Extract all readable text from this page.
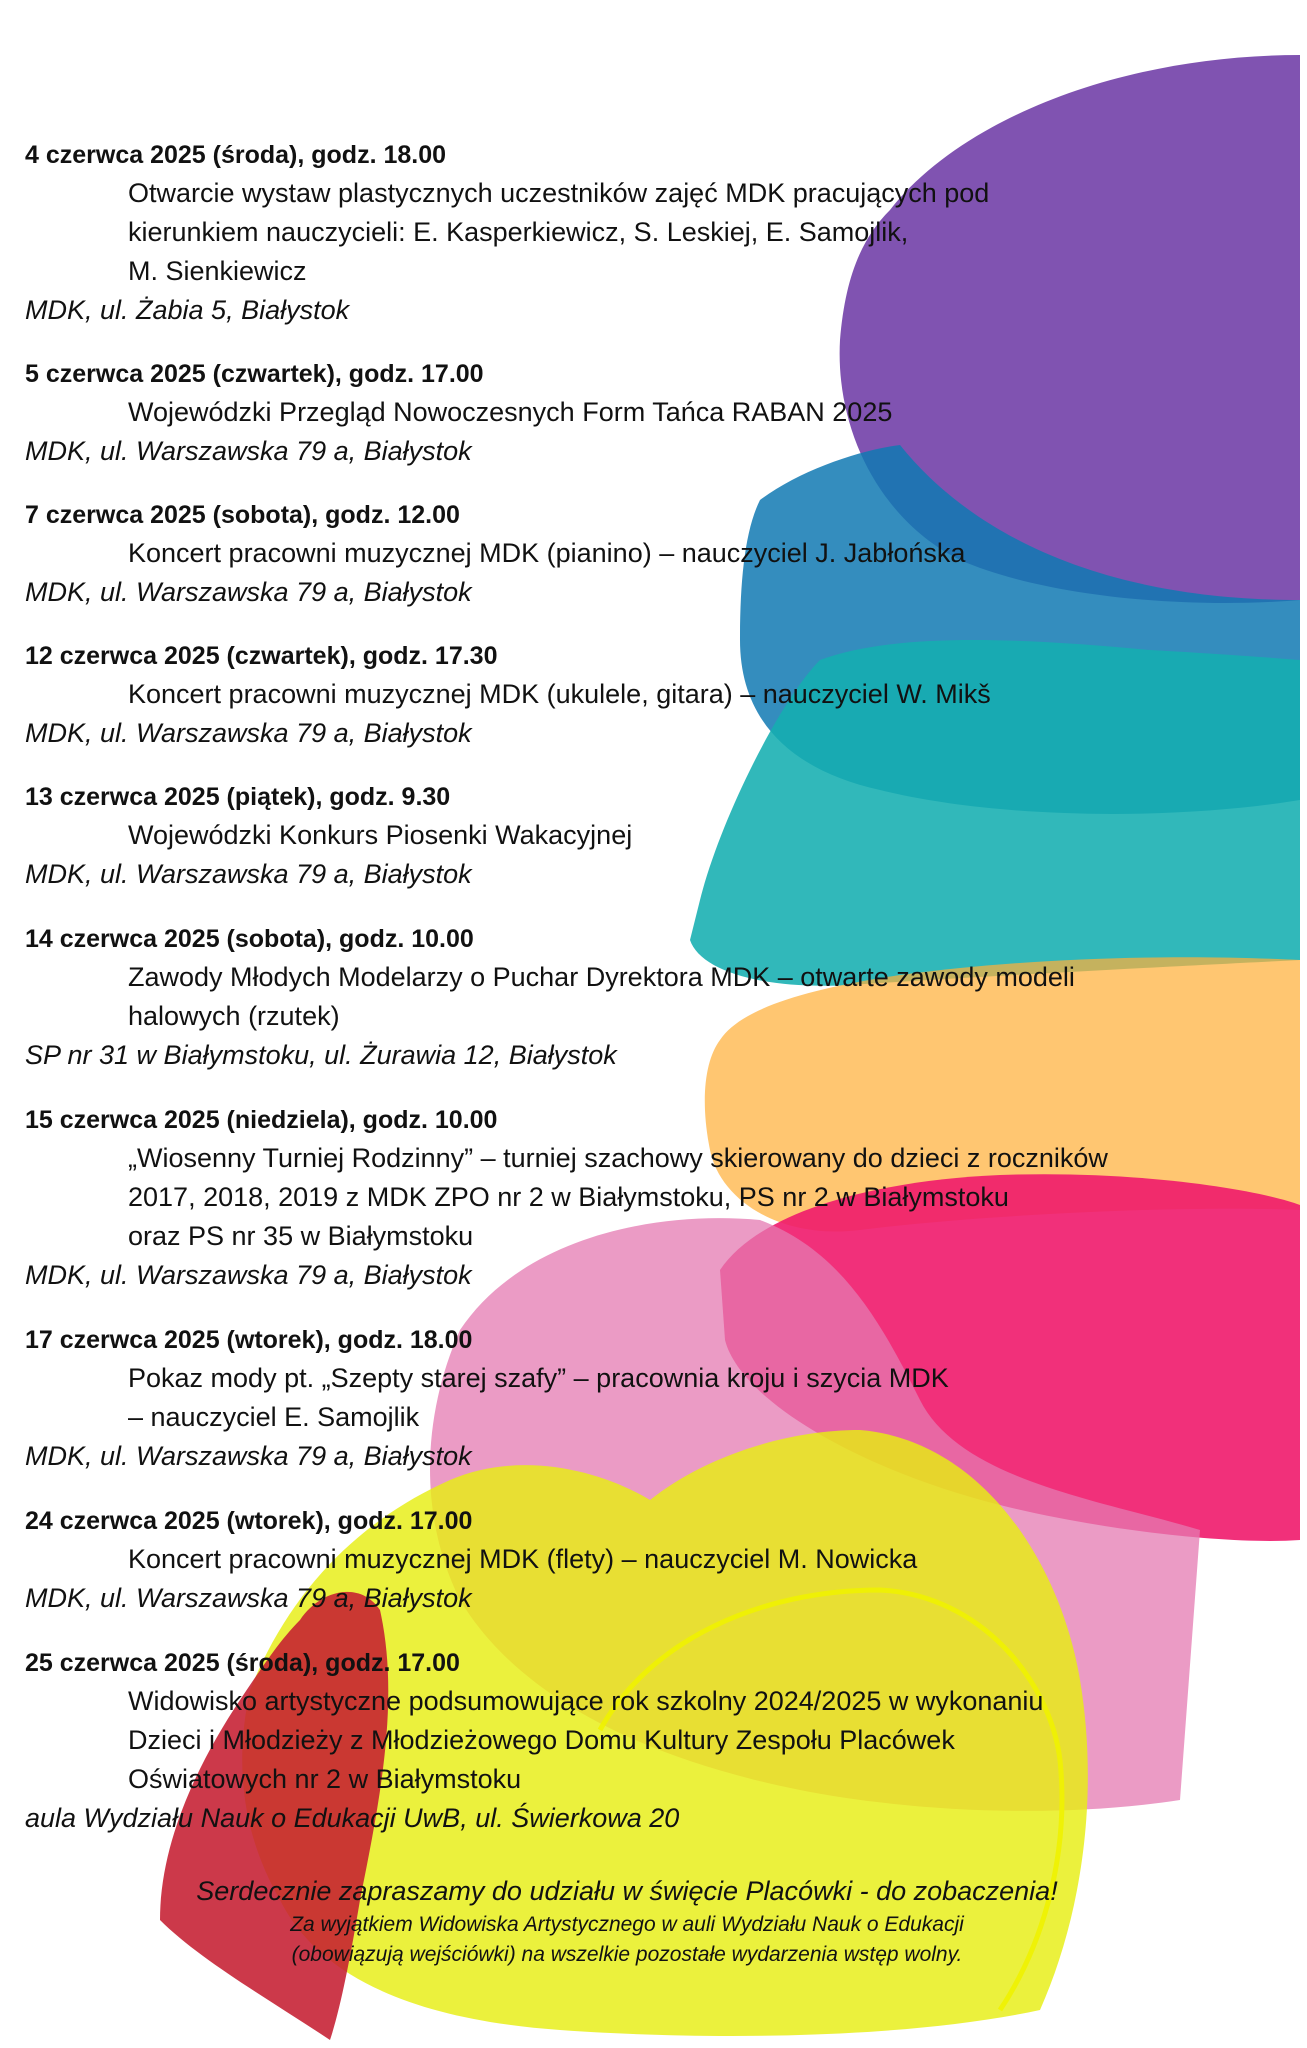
4 czerwca 2025 (środa), godz. 18.00

Otwarcie wystaw plastycznych uczestników zajęć MDK pracujących pod

kierunkiem nauczycieli: E. Kasperkiewicz, S. Leskiej, E. Samojlik,

M. Sienkiewicz

MDK, ul. Żabia 5, Białystok

5 czerwca 2025 (czwartek), godz. 17.00

Wojewódzki Przegląd Nowoczesnych Form Tańca RABAN 2025

MDK, ul. Warszawska 79 a, Białystok

7 czerwca 2025 (sobota), godz. 12.00

Koncert pracowni muzycznej MDK (pianino) – nauczyciel J. Jabłońska

MDK, ul. Warszawska 79 a, Białystok

12 czerwca 2025 (czwartek), godz. 17.30

Koncert pracowni muzycznej MDK (ukulele, gitara) – nauczyciel W. Mikš

MDK, ul. Warszawska 79 a, Białystok

13 czerwca 2025 (piątek), godz. 9.30

Wojewódzki Konkurs Piosenki Wakacyjnej

MDK, ul. Warszawska 79 a, Białystok

14 czerwca 2025 (sobota), godz. 10.00

Zawody Młodych Modelarzy o Puchar Dyrektora MDK – otwarte zawody modeli

halowych (rzutek)

SP nr 31 w Białymstoku, ul. Żurawia 12, Białystok

15 czerwca 2025 (niedziela), godz. 10.00

„Wiosenny Turniej Rodzinny” – turniej szachowy skierowany do dzieci z roczników

2017, 2018, 2019 z MDK ZPO nr 2 w Białymstoku, PS nr 2 w Białymstoku

oraz PS nr 35 w Białymstoku

MDK, ul. Warszawska 79 a, Białystok

17 czerwca 2025 (wtorek), godz. 18.00

Pokaz mody pt. „Szepty starej szafy” – pracownia kroju i szycia MDK

– nauczyciel E. Samojlik

MDK, ul. Warszawska 79 a, Białystok

24 czerwca 2025 (wtorek), godz. 17.00

Koncert pracowni muzycznej MDK (flety) – nauczyciel M. Nowicka

MDK, ul. Warszawska 79 a, Białystok

25 czerwca 2025 (środa), godz. 17.00

Widowisko artystyczne podsumowujące rok szkolny 2024/2025 w wykonaniu

Dzieci i Młodzieży z Młodzieżowego Domu Kultury Zespołu Placówek

Oświatowych nr 2 w Białymstoku

aula Wydziału Nauk o Edukacji UwB, ul. Świerkowa 20

Serdecznie zapraszamy do udziału w święcie Placówki - do zobaczenia!

Za wyjątkiem Widowiska Artystycznego w auli Wydziału Nauk o Edukacji

(obowiązują wejściówki) na wszelkie pozostałe wydarzenia wstęp wolny.
